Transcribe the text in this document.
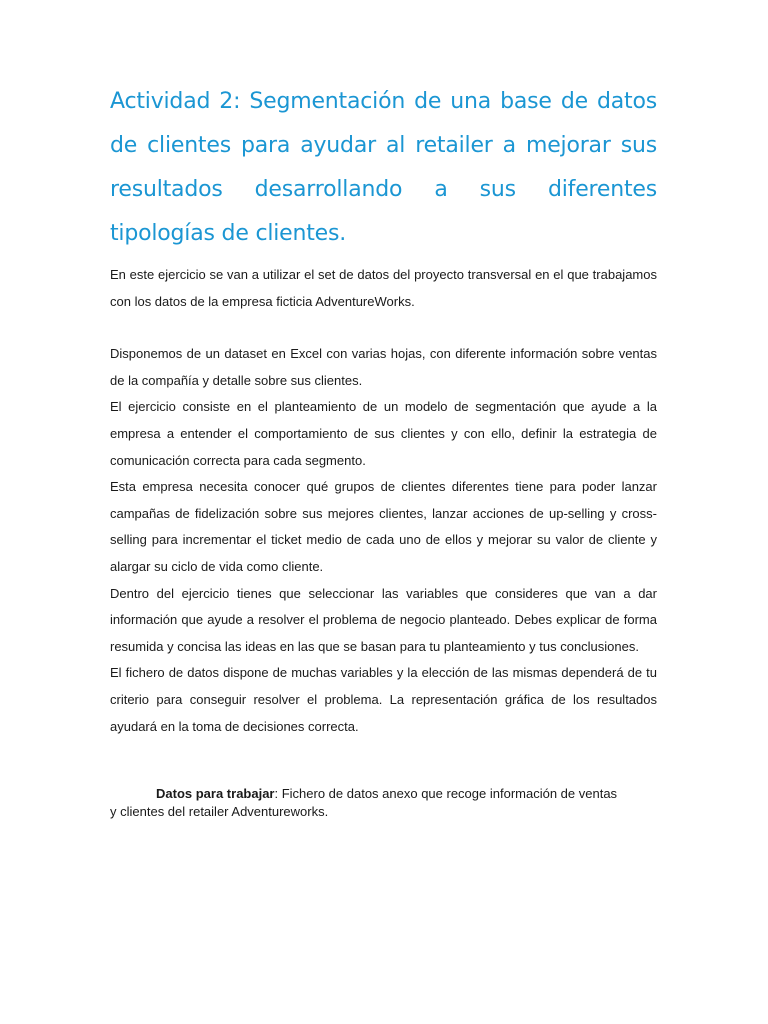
Actividad 2: Segmentación de una base de datos de clientes para ayudar al retailer a mejorar sus resultados desarrollando a sus diferentes tipologías de clientes.

En este ejercicio se van a utilizar el set de datos del proyecto transversal en el que trabajamos con los datos de la empresa ficticia AdventureWorks.

Disponemos de un dataset en Excel con varias hojas, con diferente información sobre ventas de la compañía y detalle sobre sus clientes.

El ejercicio consiste en el planteamiento de un modelo de segmentación que ayude a la empresa a entender el comportamiento de sus clientes y con ello, definir la estrategia de comunicación correcta para cada segmento.

Esta empresa necesita conocer qué grupos de clientes diferentes tiene para poder lanzar campañas de fidelización sobre sus mejores clientes, lanzar acciones de up-selling y cross-selling para incrementar el ticket medio de cada uno de ellos y mejorar su valor de cliente y alargar su ciclo de vida como cliente.

Dentro del ejercicio tienes que seleccionar las variables que consideres que van a dar información que ayude a resolver el problema de negocio planteado. Debes explicar de forma resumida y concisa las ideas en las que se basan para tu planteamiento y tus conclusiones.

El fichero de datos dispone de muchas variables y la elección de las mismas dependerá de tu criterio para conseguir resolver el problema. La representación gráfica de los resultados ayudará en la toma de decisiones correcta.

Datos para trabajar: Fichero de datos anexo que recoge información de ventas
y clientes del retailer Adventureworks.
